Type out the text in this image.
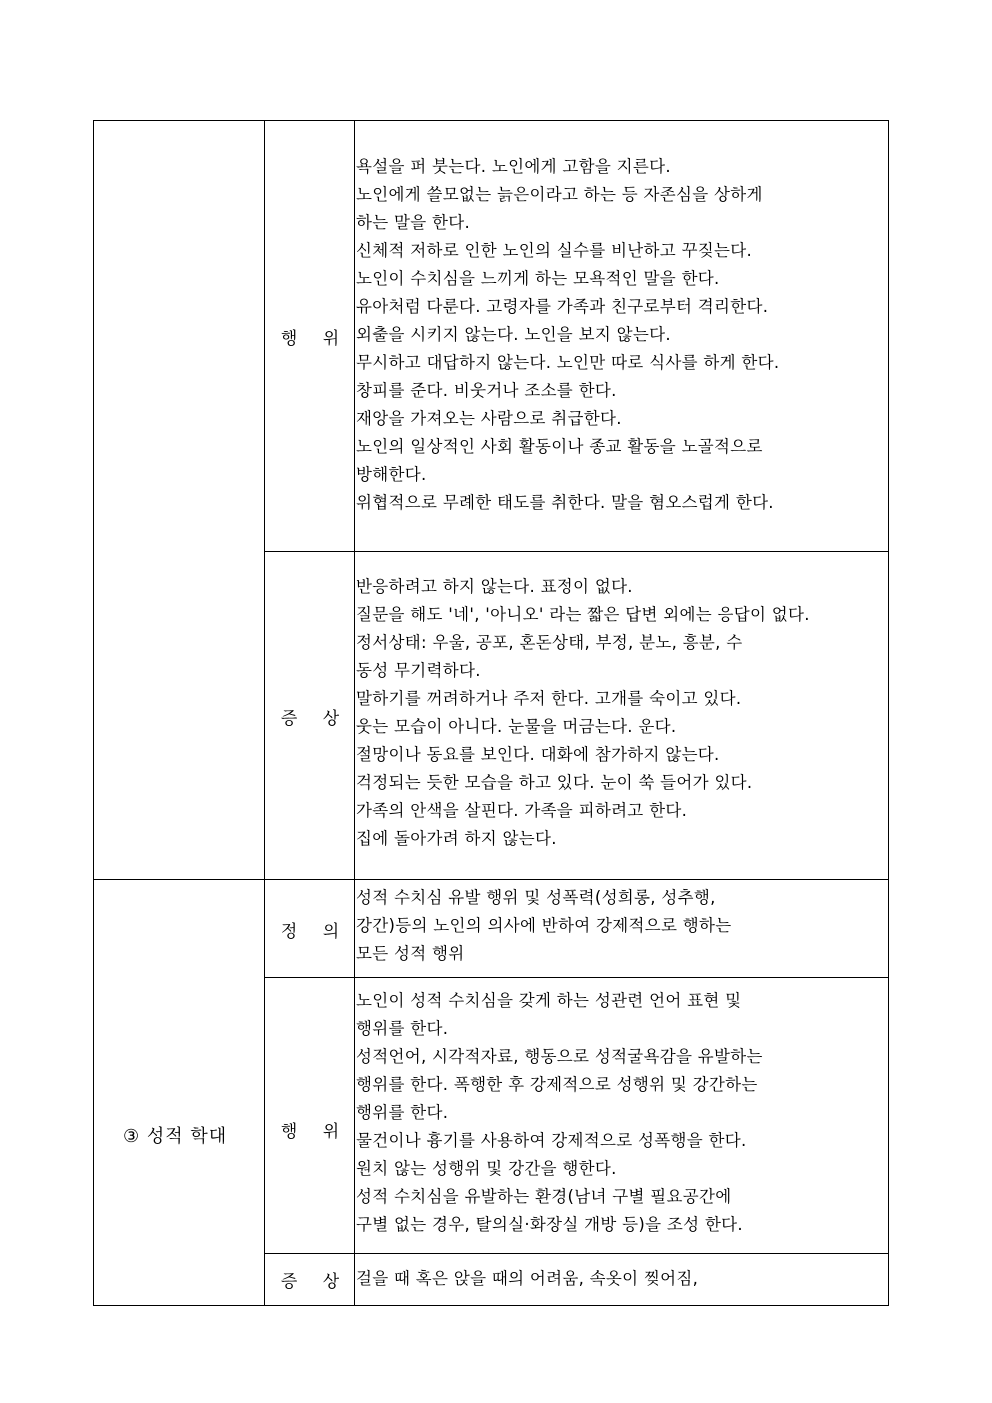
행 위
욕설을 퍼 붓는다. 노인에게 고함을 지른다.
노인에게 쓸모없는 늙은이라고 하는 등 자존심을 상하게
하는 말을 한다.
신체적 저하로 인한 노인의 실수를 비난하고 꾸짖는다.
노인이 수치심을 느끼게 하는 모욕적인 말을 한다.
유아처럼 다룬다. 고령자를 가족과 친구로부터 격리한다.
외출을 시키지 않는다. 노인을 보지 않는다.
무시하고 대답하지 않는다. 노인만 따로 식사를 하게 한다.
창피를 준다. 비웃거나 조소를 한다.
재앙을 가져오는 사람으로 취급한다.
노인의 일상적인 사회 활동이나 종교 활동을 노골적으로
방해한다.
위협적으로 무례한 태도를 취한다. 말을 혐오스럽게 한다.
증 상
반응하려고 하지 않는다. 표정이 없다.
질문을 해도 '네', '아니오' 라는 짧은 답변 외에는 응답이 없다.
정서상태: 우울, 공포, 혼돈상태, 부정, 분노, 흥분, 수
동성 무기력하다.
말하기를 꺼려하거나 주저 한다. 고개를 숙이고 있다.
웃는 모습이 아니다. 눈물을 머금는다. 운다.
절망이나 동요를 보인다. 대화에 참가하지 않는다.
걱정되는 듯한 모습을 하고 있다. 눈이 쑥 들어가 있다.
가족의 안색을 살핀다. 가족을 피하려고 한다.
집에 돌아가려 하지 않는다.
③ 성적 학대
정 의
성적 수치심 유발 행위 및 성폭력(성희롱, 성추행,
강간)등의 노인의 의사에 반하여 강제적으로 행하는
모든 성적 행위
행 위
노인이 성적 수치심을 갖게 하는 성관련 언어 표현 및
행위를 한다.
성적언어, 시각적자료, 행동으로 성적굴욕감을 유발하는
행위를 한다. 폭행한 후 강제적으로 성행위 및 강간하는
행위를 한다.
물건이나 흉기를 사용하여 강제적으로 성폭행을 한다.
원치 않는 성행위 및 강간을 행한다.
성적 수치심을 유발하는 환경(남녀 구별 필요공간에
구별 없는 경우, 탈의실·화장실 개방 등)을 조성 한다.
증 상 걸을 때 혹은 앉을 때의 어려움, 속옷이 찢어짐,
